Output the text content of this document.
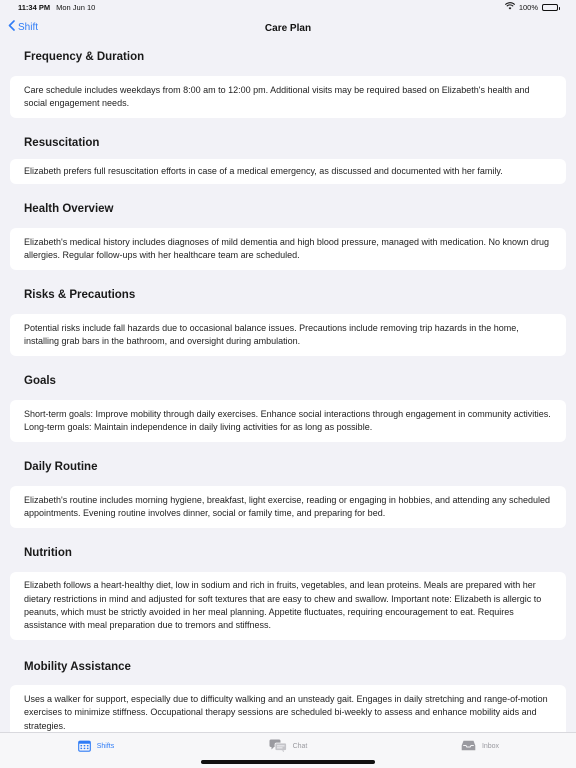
11:34 PM Mon Jun 10	100%
Shift	Care Plan
Frequency & Duration

Care schedule includes weekdays from 8:00 am to 12:00 pm. Additional visits may be required based on Elizabeth's health and social engagement needs.

Resuscitation

Elizabeth prefers full resuscitation efforts in case of a medical emergency, as discussed and documented with her family.

Health Overview

Elizabeth's medical history includes diagnoses of mild dementia and high blood pressure, managed with medication. No known drug allergies. Regular follow-ups with her healthcare team are scheduled.

Risks & Precautions

Potential risks include fall hazards due to occasional balance issues. Precautions include removing trip hazards in the home, installing grab bars in the bathroom, and oversight during ambulation.

Goals

Short-term goals: Improve mobility through daily exercises. Enhance social interactions through engagement in community activities. Long-term goals: Maintain independence in daily living activities for as long as possible.

Daily Routine

Elizabeth's routine includes morning hygiene, breakfast, light exercise, reading or engaging in hobbies, and attending any scheduled appointments. Evening routine involves dinner, social or family time, and preparing for bed.

Nutrition

Elizabeth follows a heart-healthy diet, low in sodium and rich in fruits, vegetables, and lean proteins. Meals are prepared with her dietary restrictions in mind and adjusted for soft textures that are easy to chew and swallow. Important note: Elizabeth is allergic to peanuts, which must be strictly avoided in her meal planning. Appetite fluctuates, requiring encouragement to eat. Requires assistance with meal preparation due to tremors and stiffness.

Mobility Assistance

Uses a walker for support, especially due to difficulty walking and an unsteady gait. Engages in daily stretching and range-of-motion exercises to minimize stiffness. Occupational therapy sessions are scheduled bi-weekly to assess and enhance mobility aids and strategies.

Shifts	Chat	Inbox
